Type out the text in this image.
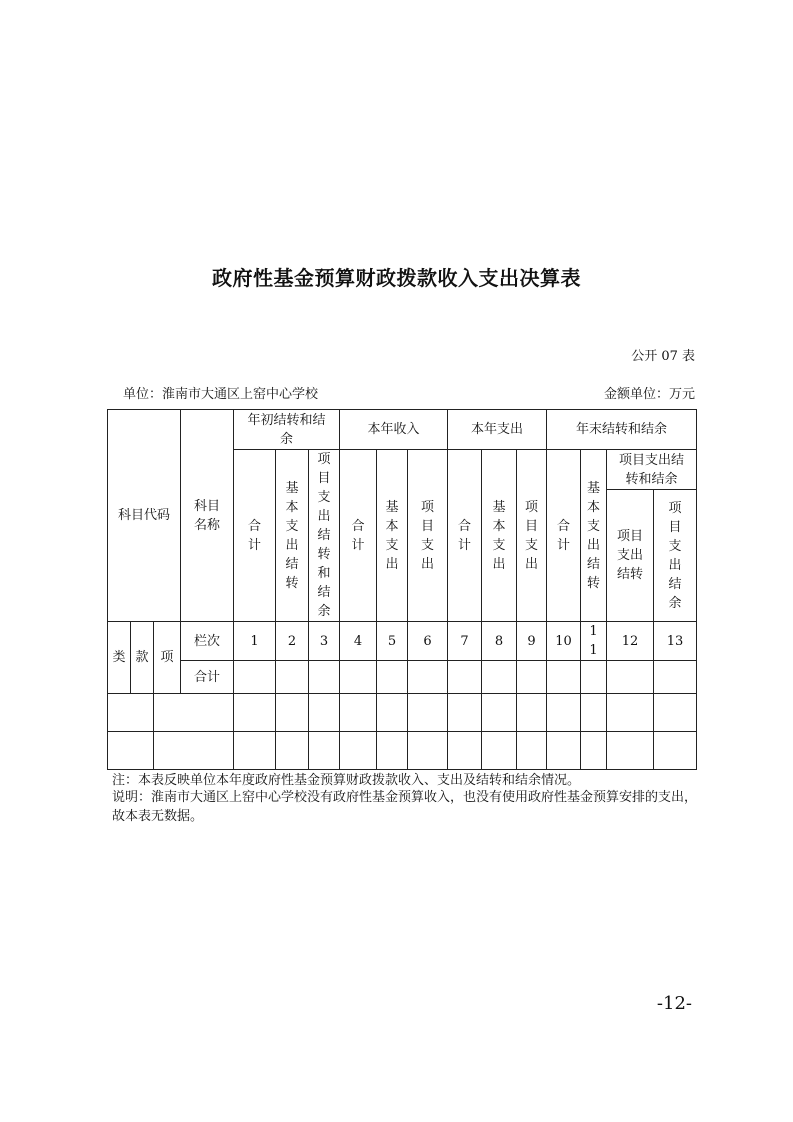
政府性基金预算财政拨款收入支出决算表
公开 07 表
单位：淮南市大通区上窑中心学校	金额单位：万元
科目代码			科目名称	年初结转和结余			本年收入			本年支出			年末结转和结余			
				合计	基本支出结转	项目支出结转和结余	合计	基本支出	项目支出	合计	基本支出	项目支出	合计	基本支出结转	项目支出结转和结余	
															项目支出结转	项目支出结余
类	款	项	栏次	1	2	3	4	5	6	7	8	9	10	11	12	13
			合计													

注：本表反映单位本年度政府性基金预算财政拨款收入、支出及结转和结余情况。
说明：淮南市大通区上窑中心学校没有政府性基金预算收入，也没有使用政府性基金预算安排的支出，故本表无数据。
-12-
